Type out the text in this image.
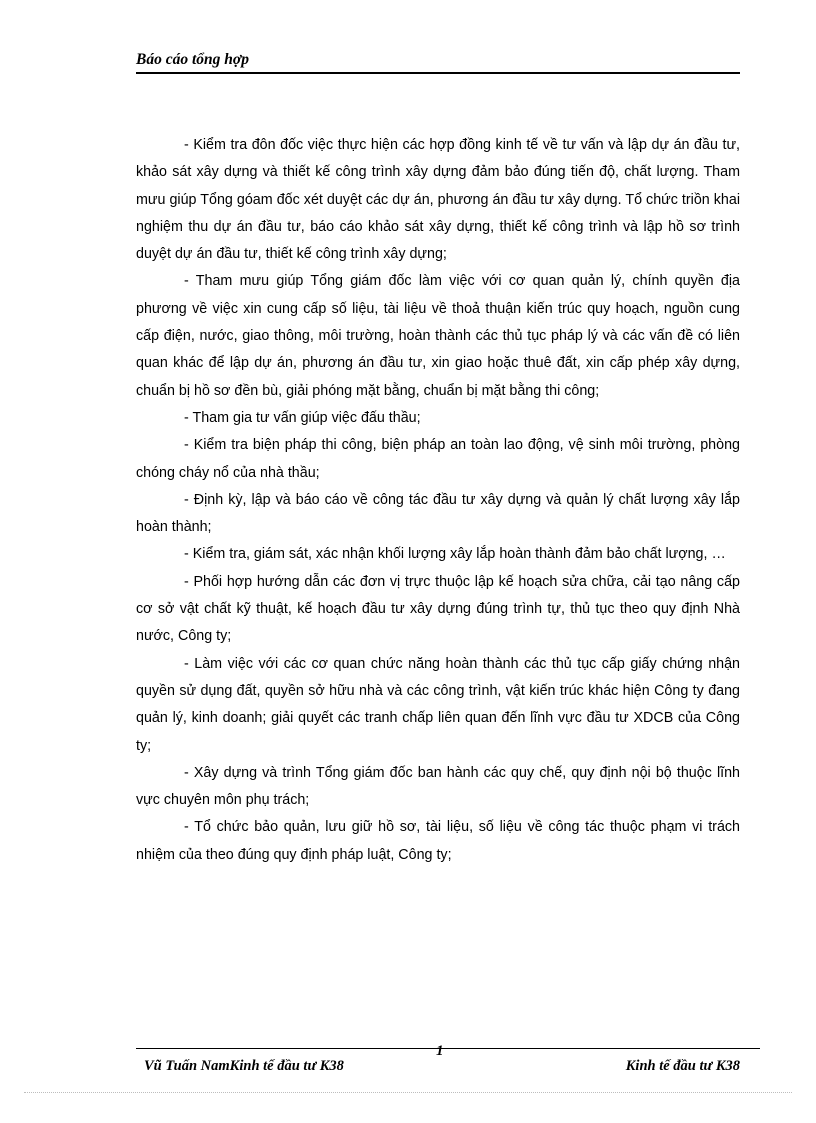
Báo cáo tổng hợp

- Kiểm tra đôn đốc việc thực hiện các hợp đồng kinh tế về tư vấn và lập dự án đầu tư, khảo sát xây dựng và thiết kế công trình xây dựng đảm bảo đúng tiến độ, chất lượng. Tham mưu giúp Tổng góam đốc xét duyệt các dự án, phương án đầu tư xây dựng. Tổ chức triồn khai nghiệm thu dự án đầu tư, báo cáo khảo sát xây dựng, thiết kế công trình và lập hồ sơ trình duyệt dự án đầu tư, thiết kế công trình xây dựng;

- Tham mưu giúp Tổng giám đốc làm việc với cơ quan quản lý, chính quyền địa phương về việc xin cung cấp số liệu, tài liệu về thoả thuận kiến trúc quy hoạch, nguồn cung cấp điện, nước, giao thông, môi trường, hoàn thành các thủ tục pháp lý và các vấn đề có liên quan khác để lập dự án, phương án đầu tư, xin giao hoặc thuê đất, xin cấp phép xây dựng, chuẩn bị hồ sơ đền bù, giải phóng mặt bằng, chuẩn bị mặt bằng thi công;

- Tham gia tư vấn giúp việc đấu thầu;

- Kiểm tra biện pháp thi công, biện pháp an toàn lao động, vệ sinh môi trường, phòng chóng cháy nổ của nhà thầu;

- Định kỳ, lập và báo cáo về công tác đầu tư xây dựng và quản lý chất lượng xây lắp hoàn thành;

- Kiểm tra, giám sát, xác nhận khối lượng xây lắp hoàn thành đảm bảo chất lượng, …

- Phối hợp hướng dẫn các đơn vị trực thuộc lập kế hoạch sửa chữa, cải tạo nâng cấp cơ sở vật chất kỹ thuật, kế hoạch đầu tư xây dựng đúng trình tự, thủ tục theo quy định Nhà nước, Công ty;

- Làm việc với các cơ quan chức năng hoàn thành các thủ tục cấp giấy chứng nhận quyền sử dụng đất, quyền sở hữu nhà và các công trình, vật kiến trúc khác hiện Công ty đang quản lý, kinh doanh; giải quyết các tranh chấp liên quan đến lĩnh vực đầu tư XDCB của Công ty;

- Xây dựng và trình Tổng giám đốc ban hành các quy chế, quy định nội bộ thuộc lĩnh vực chuyên môn phụ trách;

- Tổ chức bảo quản, lưu giữ hồ sơ, tài liệu, số liệu về công tác thuộc phạm vi trách nhiệm của theo đúng quy định pháp luật, Công ty;

Vũ Tuấn NamKinh tế đầu tư K38
1
Kinh tế đầu tư K38
